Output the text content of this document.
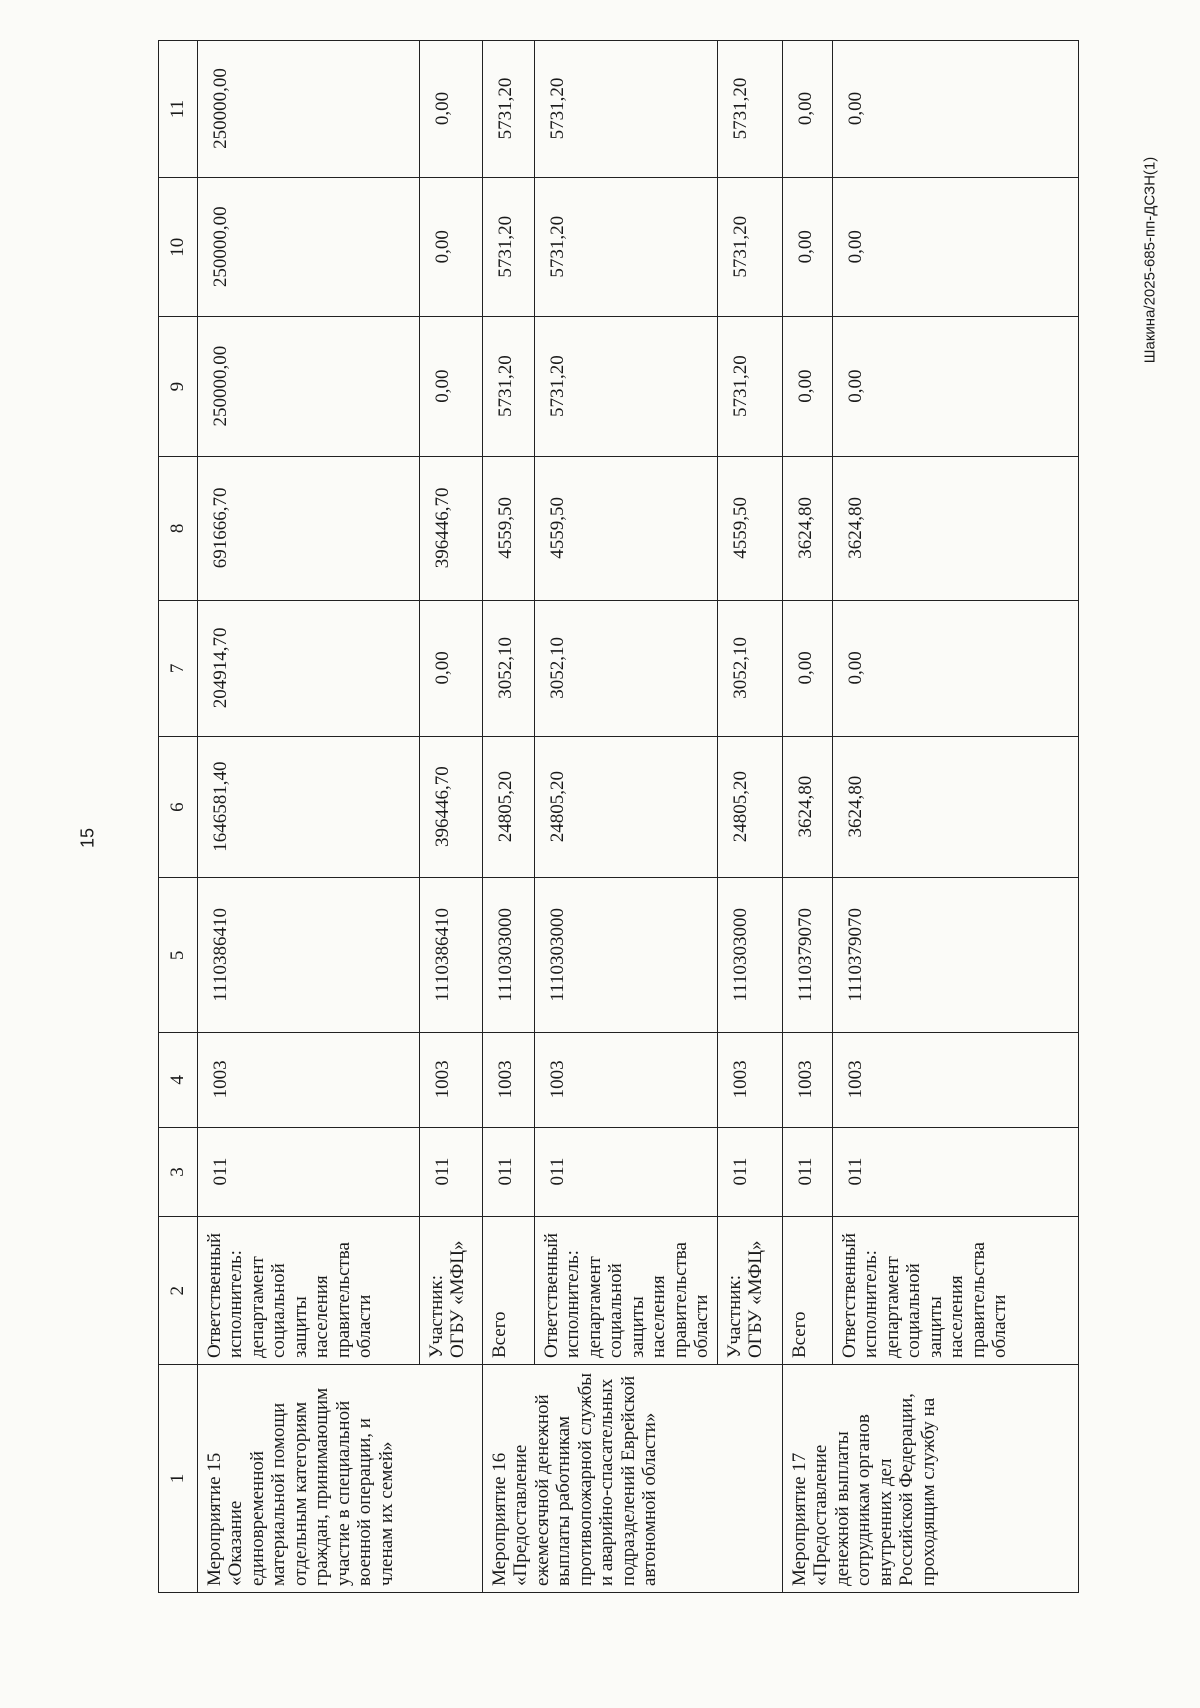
15
Шакина/2025-685-пп-ДСЗН(1)
1	2	3	4	5	6	7	8	9	10	11
Мероприятие 15 «Оказание единовременной материальной помощи отдельным категориям граждан, принимающим участие в специальной военной операции, и членам их семей»	Ответственный исполнитель: департамент социальной защиты населения правительства области	011	1003	1110386410	1646581,40	204914,70	691666,70	250000,00	250000,00	250000,00
	Участник: ОГБУ «МФЦ»	011	1003	1110386410	396446,70	0,00	396446,70	0,00	0,00	0,00
Мероприятие 16 «Предоставление ежемесячной денежной выплаты работникам противопожарной службы и аварийно-спасательных подразделений Еврейской автономной области»	Всего	011	1003	1110303000	24805,20	3052,10	4559,50	5731,20	5731,20	5731,20
	Ответственный исполнитель: департамент социальной защиты населения правительства области	011	1003	1110303000	24805,20	3052,10	4559,50	5731,20	5731,20	5731,20
	Участник: ОГБУ «МФЦ»	011	1003	1110303000	24805,20	3052,10	4559,50	5731,20	5731,20	5731,20
Мероприятие 17 «Предоставление денежной выплаты сотрудникам органов внутренних дел Российской Федерации, проходящим службу на	Всего	011	1003	1110379070	3624,80	0,00	3624,80	0,00	0,00	0,00
	Ответственный исполнитель: департамент социальной защиты населения правительства области	011	1003	1110379070	3624,80	0,00	3624,80	0,00	0,00	0,00
